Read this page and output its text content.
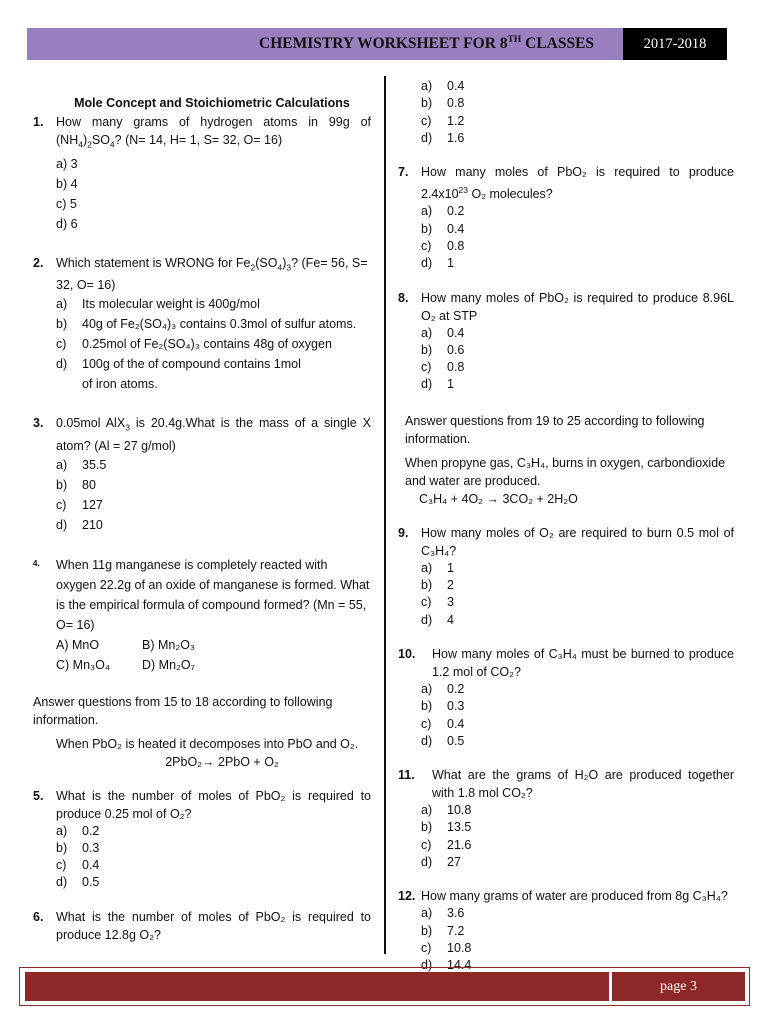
CHEMISTRY WORKSHEET FOR 8TH CLASSES	2017-2018
Mole Concept and Stoichiometric Calculations
1.	How many grams of hydrogen atoms in 99g of $(NH_4)_2SO_4$? (N= 14, H= 1, S= 32, O= 16)
a) 3
b) 4
c) 5
d) 6
2.	Which statement is WRONG for $Fe_2(SO_4)_3$? (Fe= 56, S= 32, O= 16)
a)	Its molecular weight is 400g/mol
b)	40g of Fe₂(SO₄)₃ contains 0.3mol of sulfur atoms.
c)	0.25mol of Fe₂(SO₄)₃ contains 48g of oxygen
d)	100g of the of compound contains 1mol of iron atoms.
3.	0.05mol AlX$_3$ is 20.4g.What is the mass of a single X atom? (Al = 27 g/mol)
a)	35.5
b)	80
c)	127
d)	210
4.	When 11g manganese is completely reacted with oxygen 22.2g of an oxide of manganese is formed. What is the empirical formula of compound formed? (Mn = 55, O= 16)
A) MnO	B) Mn₂O₃
C) Mn₃O₄	D) Mn₂O₇
Answer questions from 15 to 18 according to following information.
When PbO₂ is heated it decomposes into PbO and O₂.
2PbO₂→ 2PbO + O₂
5.	What is the number of moles of PbO₂ is required to produce 0.25 mol of O₂?
a)	0.2
b)	0.3
c)	0.4
d)	0.5
6.	What is the number of moles of PbO₂ is required to produce 12.8g O₂?
a)	0.4
b)	0.8
c)	1.2
d)	1.6
7.	How many moles of PbO₂ is required to produce $2.4x10^{23}$ O₂ molecules?
a)	0.2
b)	0.4
c)	0.8
d)	1
8.	How many moles of PbO₂ is required to produce 8.96L O₂ at STP
a)	0.4
b)	0.6
c)	0.8
d)	1
Answer questions from 19 to 25 according to following information.
When propyne gas, C₃H₄, burns in oxygen, carbondioxide and water are produced.
C₃H₄ + 4O₂ → 3CO₂ + 2H₂O
9.	How many moles of O₂ are required to burn 0.5 mol of C₃H₄?
a)	1
b)	2
c)	3
d)	4
10.	How many moles of C₃H₄ must be burned to produce 1.2 mol of CO₂?
a)	0.2
b)	0.3
c)	0.4
d)	0.5
11.	What are the grams of H₂O are produced together with 1.8 mol CO₂?
a)	10.8
b)	13.5
c)	21.6
d)	27
12. How many grams of water are produced from 8g C₃H₄?
a)	3.6
b)	7.2
c)	10.8
d)	14.4
page 3
